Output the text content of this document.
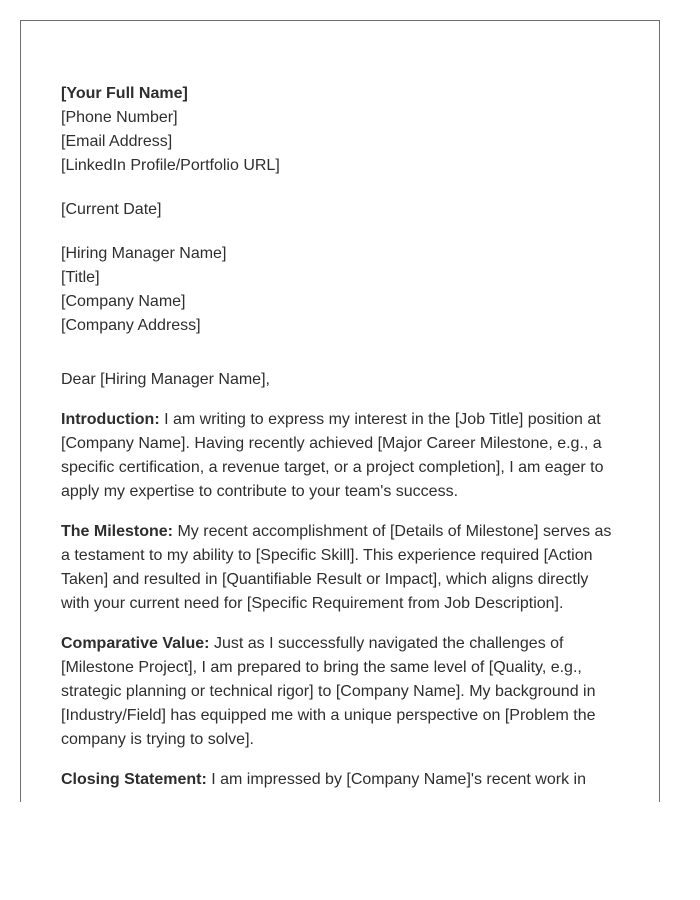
[Your Full Name]
[Phone Number]
[Email Address]
[LinkedIn Profile/Portfolio URL]
[Current Date]
[Hiring Manager Name]
[Title]
[Company Name]
[Company Address]
Dear [Hiring Manager Name],

Introduction: I am writing to express my interest in the [Job Title] position at
[Company Name]. Having recently achieved [Major Career Milestone, e.g., a
specific certification, a revenue target, or a project completion], I am eager to
apply my expertise to contribute to your team's success.

The Milestone: My recent accomplishment of [Details of Milestone] serves as
a testament to my ability to [Specific Skill]. This experience required [Action
Taken] and resulted in [Quantifiable Result or Impact], which aligns directly
with your current need for [Specific Requirement from Job Description].

Comparative Value: Just as I successfully navigated the challenges of
[Milestone Project], I am prepared to bring the same level of [Quality, e.g.,
strategic planning or technical rigor] to [Company Name]. My background in
[Industry/Field] has equipped me with a unique perspective on [Problem the
company is trying to solve].

Closing Statement: I am impressed by [Company Name]'s recent work in
